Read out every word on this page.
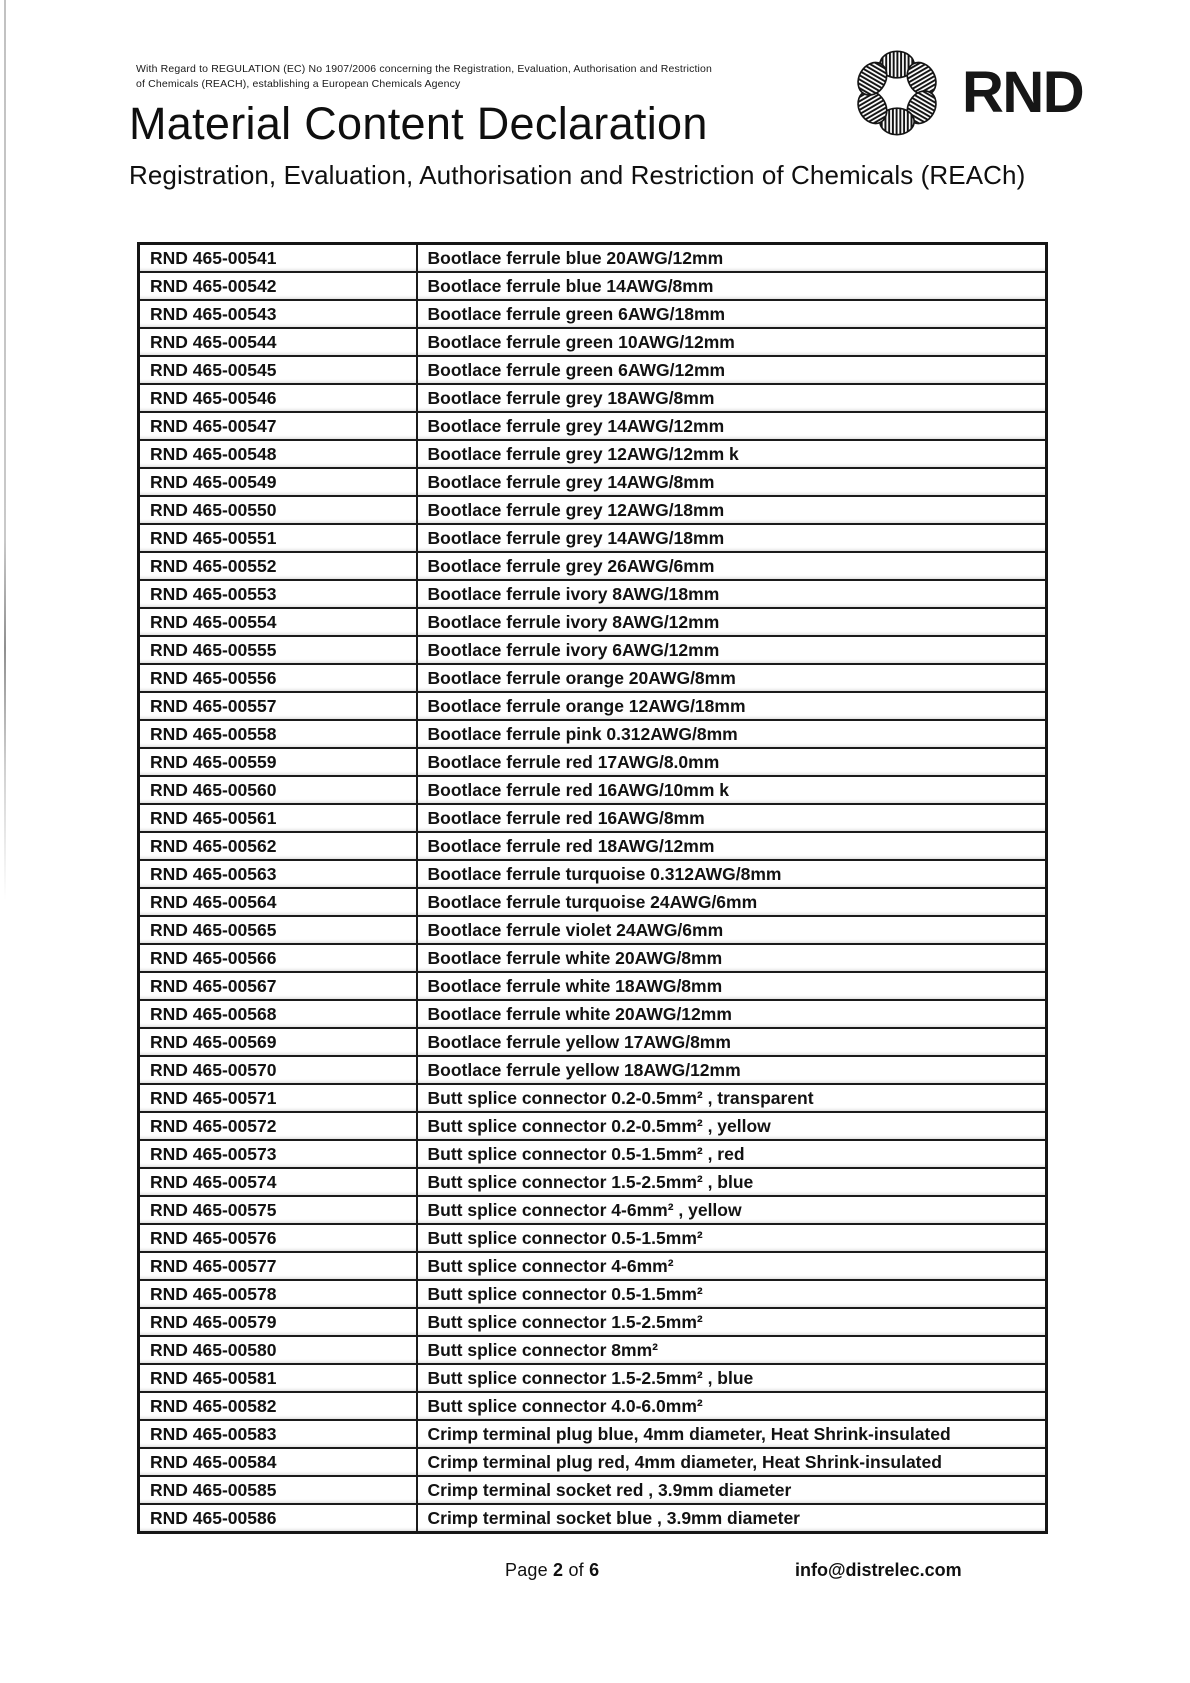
With Regard to REGULATION (EC) No 1907/2006 concerning the Registration, Evaluation, Authorisation and Restriction
of Chemicals (REACH), establishing a European Chemicals Agency	RND
Material Content Declaration
Registration, Evaluation, Authorisation and Restriction of Chemicals (REACh)
RND 465-00541	Bootlace ferrule blue 20AWG/12mm
RND 465-00542	Bootlace ferrule blue 14AWG/8mm
RND 465-00543	Bootlace ferrule green 6AWG/18mm
RND 465-00544	Bootlace ferrule green 10AWG/12mm
RND 465-00545	Bootlace ferrule green 6AWG/12mm
RND 465-00546	Bootlace ferrule grey 18AWG/8mm
RND 465-00547	Bootlace ferrule grey 14AWG/12mm
RND 465-00548	Bootlace ferrule grey 12AWG/12mm k
RND 465-00549	Bootlace ferrule grey 14AWG/8mm
RND 465-00550	Bootlace ferrule grey 12AWG/18mm
RND 465-00551	Bootlace ferrule grey 14AWG/18mm
RND 465-00552	Bootlace ferrule grey 26AWG/6mm
RND 465-00553	Bootlace ferrule ivory 8AWG/18mm
RND 465-00554	Bootlace ferrule ivory 8AWG/12mm
RND 465-00555	Bootlace ferrule ivory 6AWG/12mm
RND 465-00556	Bootlace ferrule orange 20AWG/8mm
RND 465-00557	Bootlace ferrule orange 12AWG/18mm
RND 465-00558	Bootlace ferrule pink 0.312AWG/8mm
RND 465-00559	Bootlace ferrule red 17AWG/8.0mm
RND 465-00560	Bootlace ferrule red 16AWG/10mm k
RND 465-00561	Bootlace ferrule red 16AWG/8mm
RND 465-00562	Bootlace ferrule red 18AWG/12mm
RND 465-00563	Bootlace ferrule turquoise 0.312AWG/8mm
RND 465-00564	Bootlace ferrule turquoise 24AWG/6mm
RND 465-00565	Bootlace ferrule violet 24AWG/6mm
RND 465-00566	Bootlace ferrule white 20AWG/8mm
RND 465-00567	Bootlace ferrule white 18AWG/8mm
RND 465-00568	Bootlace ferrule white 20AWG/12mm
RND 465-00569	Bootlace ferrule yellow 17AWG/8mm
RND 465-00570	Bootlace ferrule yellow 18AWG/12mm
RND 465-00571	Butt splice connector 0.2-0.5mm² , transparent
RND 465-00572	Butt splice connector 0.2-0.5mm² , yellow
RND 465-00573	Butt splice connector 0.5-1.5mm² , red
RND 465-00574	Butt splice connector 1.5-2.5mm² , blue
RND 465-00575	Butt splice connector 4-6mm² , yellow
RND 465-00576	Butt splice connector 0.5-1.5mm²
RND 465-00577	Butt splice connector 4-6mm²
RND 465-00578	Butt splice connector 0.5-1.5mm²
RND 465-00579	Butt splice connector 1.5-2.5mm²
RND 465-00580	Butt splice connector 8mm²
RND 465-00581	Butt splice connector 1.5-2.5mm² , blue
RND 465-00582	Butt splice connector 4.0-6.0mm²
RND 465-00583	Crimp terminal plug blue, 4mm diameter, Heat Shrink-insulated
RND 465-00584	Crimp terminal plug red, 4mm diameter, Heat Shrink-insulated
RND 465-00585	Crimp terminal socket red , 3.9mm diameter
RND 465-00586	Crimp terminal socket blue , 3.9mm diameter
Page 2 of 6	info@distrelec.com
